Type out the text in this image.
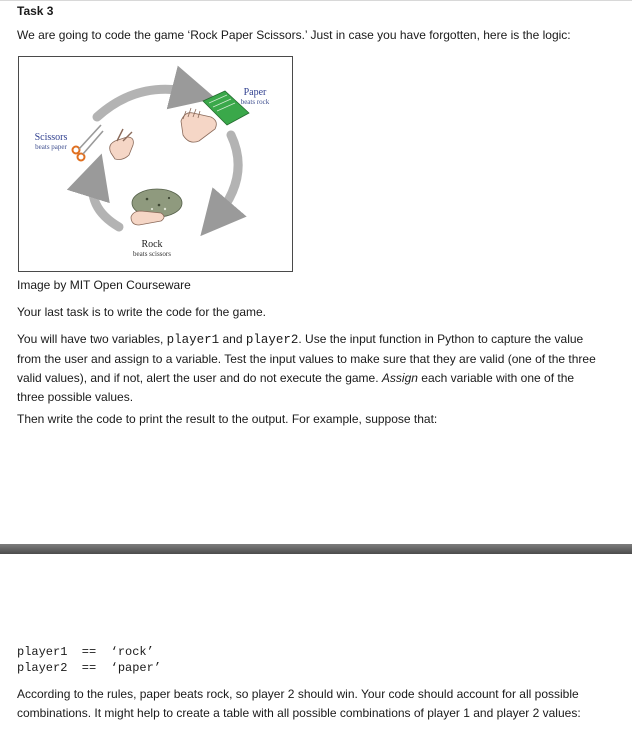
Task 3

We are going to code the game ‘Rock Paper Scissors.’ Just in case you have forgotten, here is the logic:

Paper
beats rock
Scissors
beats paper
Rock
beats scissors

Image by MIT Open Courseware

Your last task is to write the code for the game.

You will have two variables, player1 and player2. Use the input function in Python to capture the value from the user and assign to a variable. Test the input values to make sure that they are valid (one of the three valid values), and if not, alert the user and do not execute the game. Assign each variable with one of the three possible values.

Then write the code to print the result to the output. For example, suppose that:

player1  ==  ‘rock’
player2  ==  ‘paper’

According to the rules, paper beats rock, so player 2 should win. Your code should account for all possible combinations. It might help to create a table with all possible combinations of player 1 and player 2 values:
